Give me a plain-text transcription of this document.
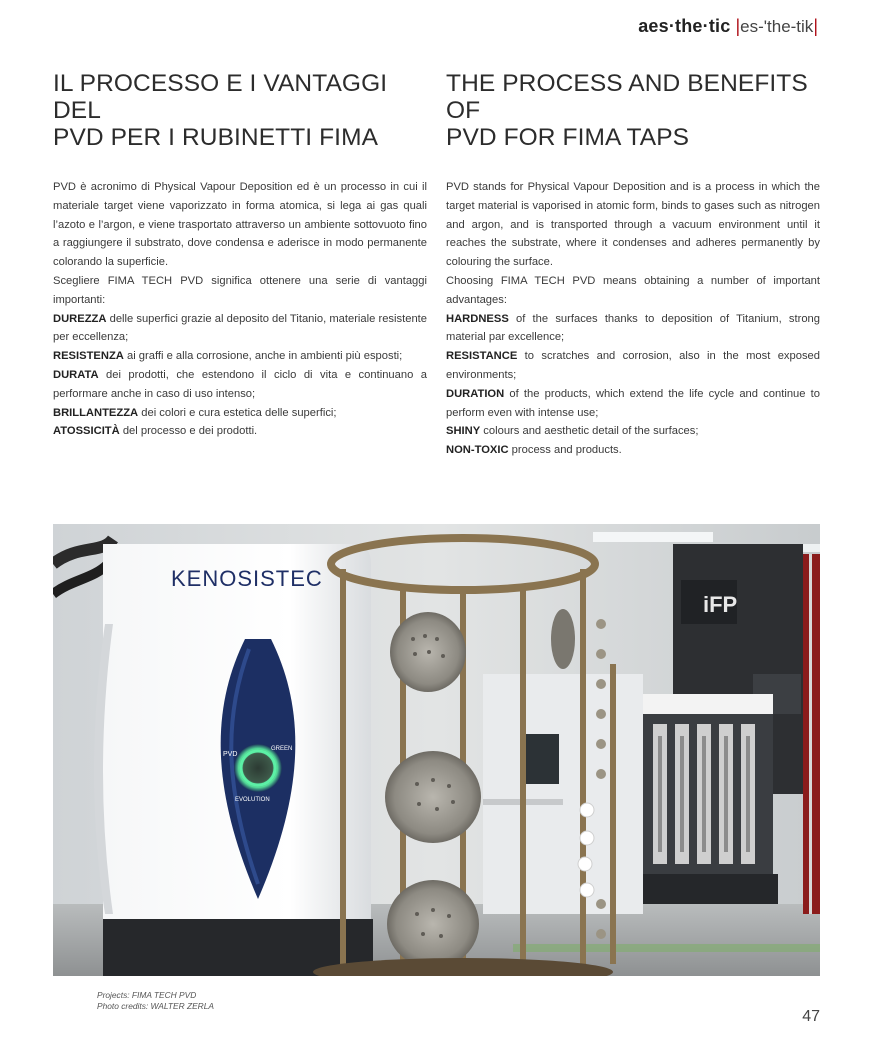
aes·the·tic |es-'the-tik|
IL PROCESSO E I VANTAGGI DEL
PVD PER I RUBINETTI FIMA

PVD è acronimo di Physical Vapour Deposition ed è un processo in cui il materiale target viene vaporizzato in forma atomica, si lega ai gas quali l’azoto e l’argon, e viene trasportato attraverso un ambiente sottovuoto fino a raggiungere il substrato, dove condensa e aderisce in modo permanente colorando la superficie.

Scegliere FIMA TECH PVD significa ottenere una serie di vantaggi importanti:

DUREZZA delle superfici grazie al deposito del Titanio, materiale resistente per eccellenza;

RESISTENZA ai graffi e alla corrosione, anche in ambienti più esposti;

DURATA dei prodotti, che estendono il ciclo di vita e continuano a performare anche in caso di uso intenso;

BRILLANTEZZA dei colori e cura estetica delle superfici;

ATOSSICITÀ del processo e dei prodotti.

THE PROCESS AND BENEFITS OF
PVD FOR FIMA TAPS

PVD stands for Physical Vapour Deposition and is a process in which the target material is vaporised in atomic form, binds to gases such as nitrogen and argon, and is transported through a vacuum environment until it reaches the substrate, where it condenses and adheres permanently by colouring the surface.

Choosing FIMA TECH PVD means obtaining a number of important advantages:

HARDNESS of the surfaces thanks to deposition of Titanium, strong material par excellence;

RESISTANCE to scratches and corrosion, also in the most exposed environments;

DURATION of the products, which extend the life cycle and continue to perform even with intense use;

SHINY colours and aesthetic detail of the surfaces;

NON-TOXIC process and products.

iFP
KENOSISTEC
PVD
GREEN
EVOLUTION
Projects: FIMA TECH PVD
Photo credits: WALTER ZERLA
47
